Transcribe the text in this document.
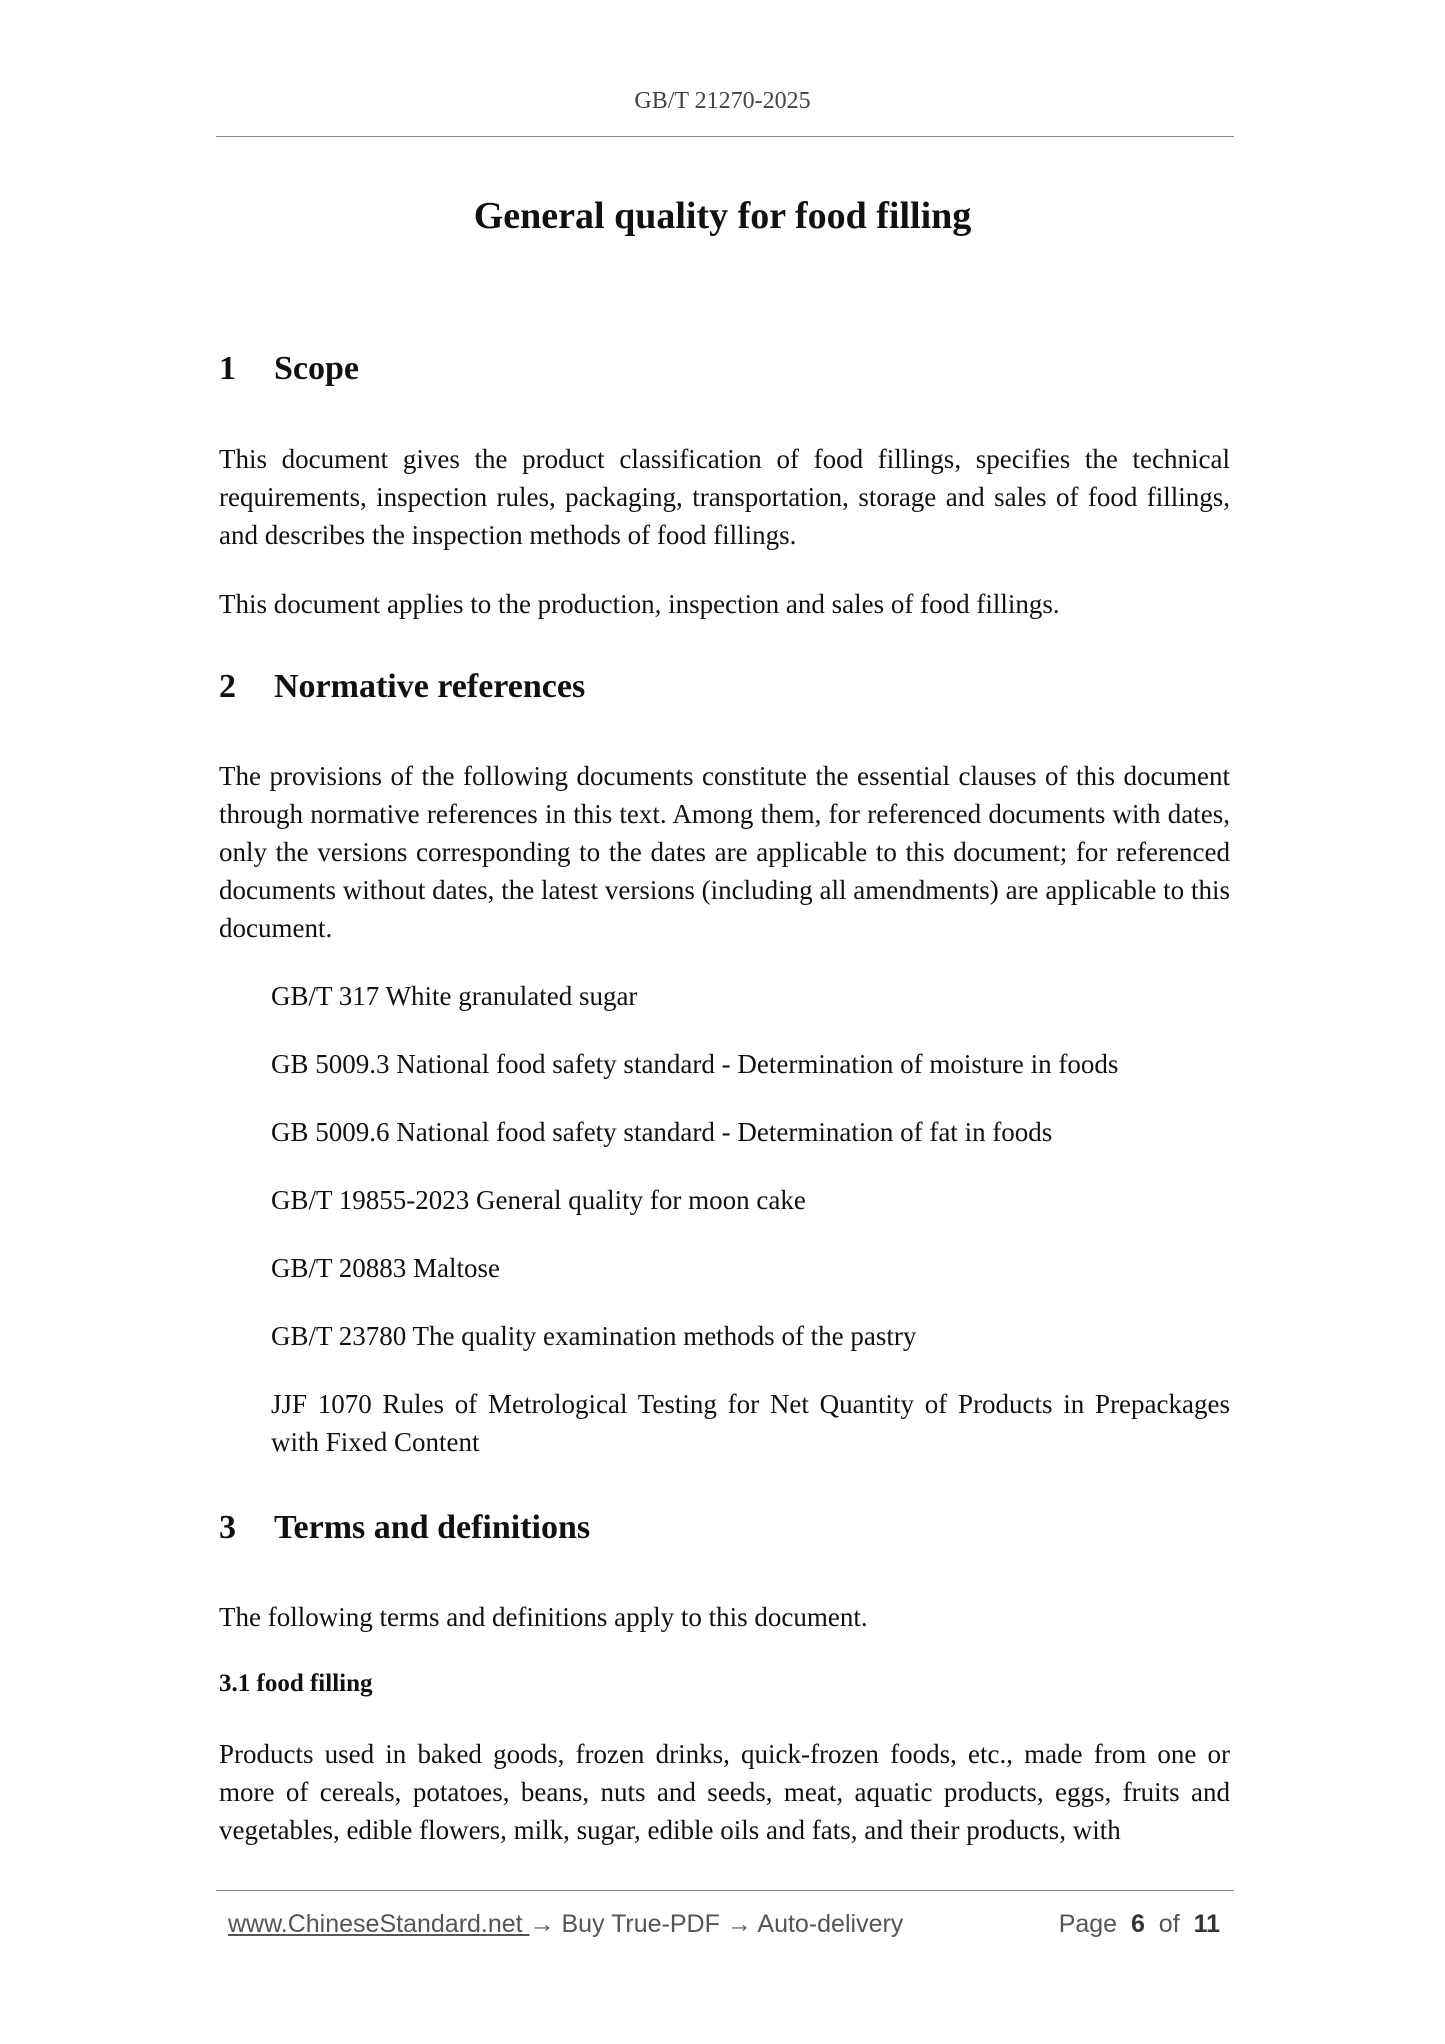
GB/T 21270-2025
General quality for food filling
1 Scope

This document gives the product classification of food fillings, specifies the technical requirements, inspection rules, packaging, transportation, storage and sales of food fillings, and describes the inspection methods of food fillings.

This document applies to the production, inspection and sales of food fillings.

2 Normative references

The provisions of the following documents constitute the essential clauses of this document through normative references in this text. Among them, for referenced documents with dates, only the versions corresponding to the dates are applicable to this document; for referenced documents without dates, the latest versions (including all amendments) are applicable to this document.

GB/T 317 White granulated sugar

GB 5009.3 National food safety standard - Determination of moisture in foods

GB 5009.6 National food safety standard - Determination of fat in foods

GB/T 19855-2023 General quality for moon cake

GB/T 20883 Maltose

GB/T 23780 The quality examination methods of the pastry

JJF 1070 Rules of Metrological Testing for Net Quantity of Products in Prepackages with Fixed Content

3 Terms and definitions

The following terms and definitions apply to this document.

3.1 food filling

Products used in baked goods, frozen drinks, quick-frozen foods, etc., made from one or more of cereals, potatoes, beans, nuts and seeds, meat, aquatic products, eggs, fruits and vegetables, edible flowers, milk, sugar, edible oils and fats, and their products, with

www.ChineseStandard.net → Buy True-PDF → Auto-delivery	Page 6 of 11
